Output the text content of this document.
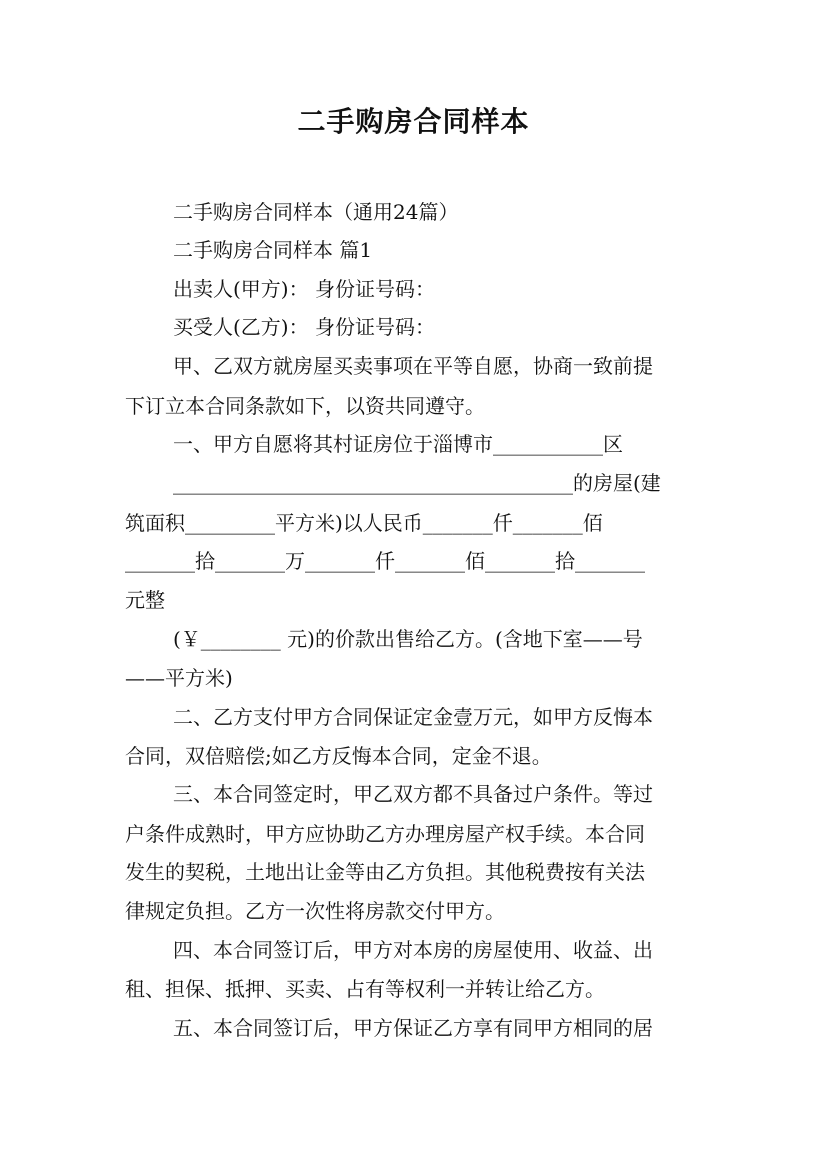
二手购房合同样本
二手购房合同样本（通用24篇）
二手购房合同样本 篇1
出卖人(甲方)： 身份证号码：
买受人(乙方)： 身份证号码：
甲、乙双方就房屋买卖事项在平等自愿，协商一致前提
下订立本合同条款如下，以资共同遵守。
一、甲方自愿将其村证房位于淄博市___________区
________________________________________的房屋(建
筑面积_________平方米)以人民币_______仟_______佰
_______拾_______万_______仟_______佰_______拾_______
元整
(￥________ 元)的价款出售给乙方。(含地下室——号
——平方米)
二、乙方支付甲方合同保证定金壹万元，如甲方反悔本
合同，双倍赔偿;如乙方反悔本合同，定金不退。
三、本合同签定时，甲乙双方都不具备过户条件。等过
户条件成熟时，甲方应协助乙方办理房屋产权手续。本合同
发生的契税，土地出让金等由乙方负担。其他税费按有关法
律规定负担。乙方一次性将房款交付甲方。
四、本合同签订后，甲方对本房的房屋使用、收益、出
租、担保、抵押、买卖、占有等权利一并转让给乙方。
五、本合同签订后，甲方保证乙方享有同甲方相同的居
